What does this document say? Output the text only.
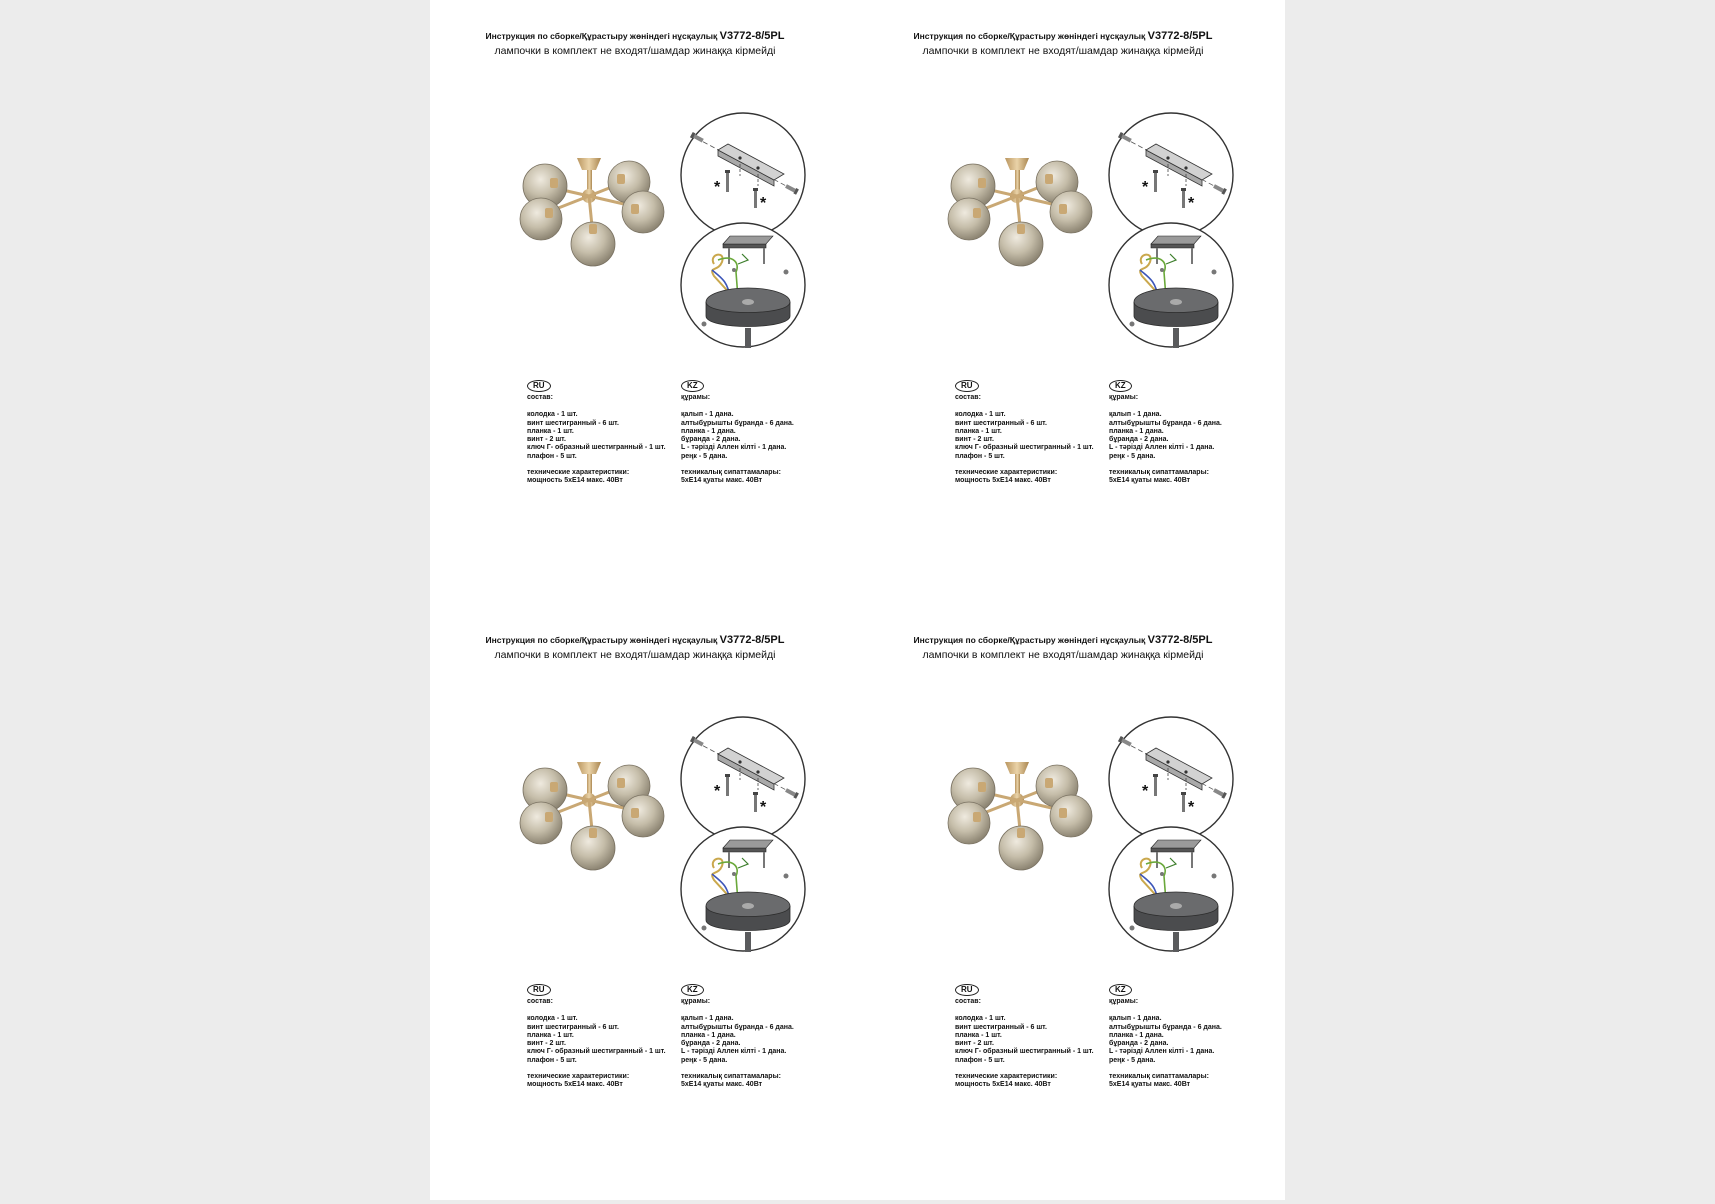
Инструкция по сборке/Құрастыру жөніндегі нұсқаулық V3772-8/5PL
лампочки в комплект не входят/шамдар жинаққа кірмейді
*
*
RU
состав:
колодка - 1 шт.
винт шестигранный - 6 шт.
планка - 1 шт.
винт - 2 шт.
ключ Г- образный шестигранный - 1 шт.
плафон - 5 шт.
технические характеристики:
мощность 5хЕ14 макс. 40Вт
KZ
құрамы:
қалып - 1 дана.
алтыбұрышты бұранда - 6 дана.
планка - 1 дана.
бұранда - 2 дана.
L - тәрізді Аллен кілті - 1 дана.
реңк - 5 дана.
техникалық сипаттамалары:
5хЕ14 қуаты макс. 40Вт
Инструкция по сборке/Құрастыру жөніндегі нұсқаулық V3772-8/5PL
лампочки в комплект не входят/шамдар жинаққа кірмейді
*
*
RU
состав:
колодка - 1 шт.
винт шестигранный - 6 шт.
планка - 1 шт.
винт - 2 шт.
ключ Г- образный шестигранный - 1 шт.
плафон - 5 шт.
технические характеристики:
мощность 5хЕ14 макс. 40Вт
KZ
құрамы:
қалып - 1 дана.
алтыбұрышты бұранда - 6 дана.
планка - 1 дана.
бұранда - 2 дана.
L - тәрізді Аллен кілті - 1 дана.
реңк - 5 дана.
техникалық сипаттамалары:
5хЕ14 қуаты макс. 40Вт
Инструкция по сборке/Құрастыру жөніндегі нұсқаулық V3772-8/5PL
лампочки в комплект не входят/шамдар жинаққа кірмейді
*
*
RU
состав:
колодка - 1 шт.
винт шестигранный - 6 шт.
планка - 1 шт.
винт - 2 шт.
ключ Г- образный шестигранный - 1 шт.
плафон - 5 шт.
технические характеристики:
мощность 5хЕ14 макс. 40Вт
KZ
құрамы:
қалып - 1 дана.
алтыбұрышты бұранда - 6 дана.
планка - 1 дана.
бұранда - 2 дана.
L - тәрізді Аллен кілті - 1 дана.
реңк - 5 дана.
техникалық сипаттамалары:
5хЕ14 қуаты макс. 40Вт
Инструкция по сборке/Құрастыру жөніндегі нұсқаулық V3772-8/5PL
лампочки в комплект не входят/шамдар жинаққа кірмейді
*
*
RU
состав:
колодка - 1 шт.
винт шестигранный - 6 шт.
планка - 1 шт.
винт - 2 шт.
ключ Г- образный шестигранный - 1 шт.
плафон - 5 шт.
технические характеристики:
мощность 5хЕ14 макс. 40Вт
KZ
құрамы:
қалып - 1 дана.
алтыбұрышты бұранда - 6 дана.
планка - 1 дана.
бұранда - 2 дана.
L - тәрізді Аллен кілті - 1 дана.
реңк - 5 дана.
техникалық сипаттамалары:
5хЕ14 қуаты макс. 40Вт
